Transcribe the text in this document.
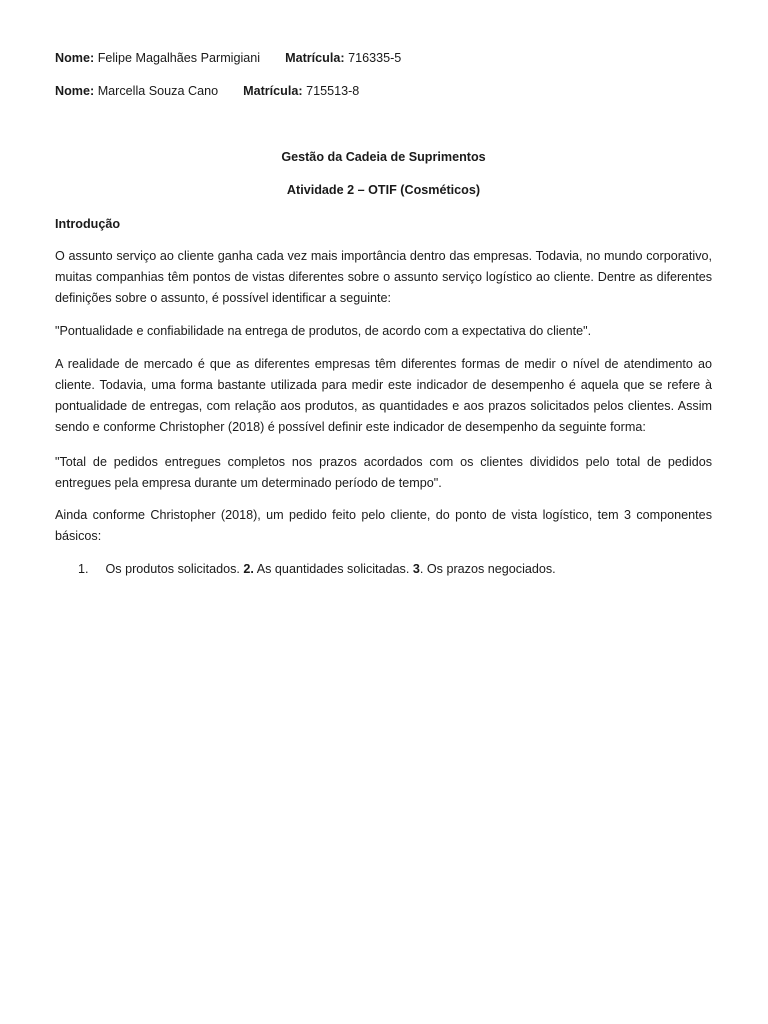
Nome: Felipe Magalhães Parmigiani Matrícula: 716335-5
Nome: Marcella Souza Cano Matrícula: 715513-8
Gestão da Cadeia de Suprimentos
Atividade 2 – OTIF (Cosméticos)
Introdução

O assunto serviço ao cliente ganha cada vez mais importância dentro das empresas. Todavia, no mundo corporativo, muitas companhias têm pontos de vistas diferentes sobre o assunto serviço logístico ao cliente. Dentre as diferentes definições sobre o assunto, é possível identificar a seguinte:

"Pontualidade e confiabilidade na entrega de produtos, de acordo com a expectativa do cliente".

A realidade de mercado é que as diferentes empresas têm diferentes formas de medir o nível de atendimento ao cliente. Todavia, uma forma bastante utilizada para medir este indicador de desempenho é aquela que se refere à pontualidade de entregas, com relação aos produtos, as quantidades e aos prazos solicitados pelos clientes. Assim sendo e conforme Christopher (2018) é possível definir este indicador de desempenho da seguinte forma:

"Total de pedidos entregues completos nos prazos acordados com os clientes divididos pelo total de pedidos entregues pela empresa durante um determinado período de tempo".

Ainda conforme Christopher (2018), um pedido feito pelo cliente, do ponto de vista logístico, tem 3 componentes básicos:

1. Os produtos solicitados. 2. As quantidades solicitadas. 3. Os prazos negociados.
